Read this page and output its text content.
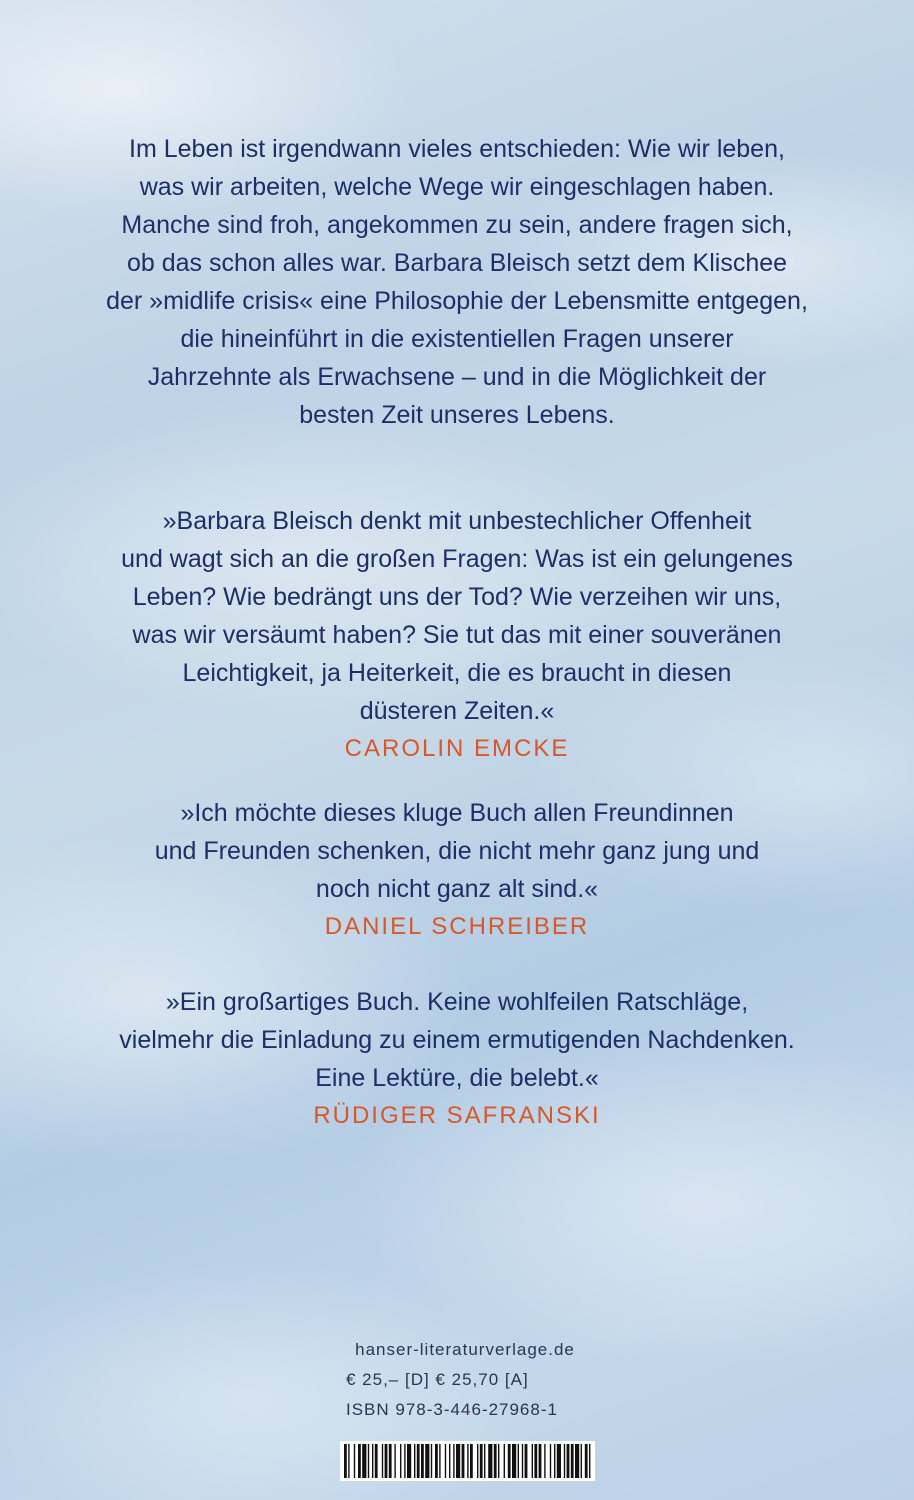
Im Leben ist irgendwann vieles entschieden: Wie wir leben,

was wir arbeiten, welche Wege wir eingeschlagen haben.

Manche sind froh, angekommen zu sein, andere fragen sich,

ob das schon alles war. Barbara Bleisch setzt dem Klischee

der »midlife crisis« eine Philosophie der Lebensmitte entgegen,

die hineinführt in die existentiellen Fragen unserer

Jahrzehnte als Erwachsene – und in die Möglichkeit der

besten Zeit unseres Lebens.

»Barbara Bleisch denkt mit unbestechlicher Offenheit

und wagt sich an die großen Fragen: Was ist ein gelungenes

Leben? Wie bedrängt uns der Tod? Wie verzeihen wir uns,

was wir versäumt haben? Sie tut das mit einer souveränen

Leichtigkeit, ja Heiterkeit, die es braucht in diesen

düsteren Zeiten.«

CAROLIN EMCKE

»Ich möchte dieses kluge Buch allen Freundinnen

und Freunden schenken, die nicht mehr ganz jung und

noch nicht ganz alt sind.«

DANIEL SCHREIBER

»Ein großartiges Buch. Keine wohlfeilen Ratschläge,

vielmehr die Einladung zu einem ermutigenden Nachdenken.

Eine Lektüre, die belebt.«

RÜDIGER SAFRANSKI

hanser-literaturverlage.de
€ 25,– [D] € 25,70 [A]
ISBN 978-3-446-27968-1
